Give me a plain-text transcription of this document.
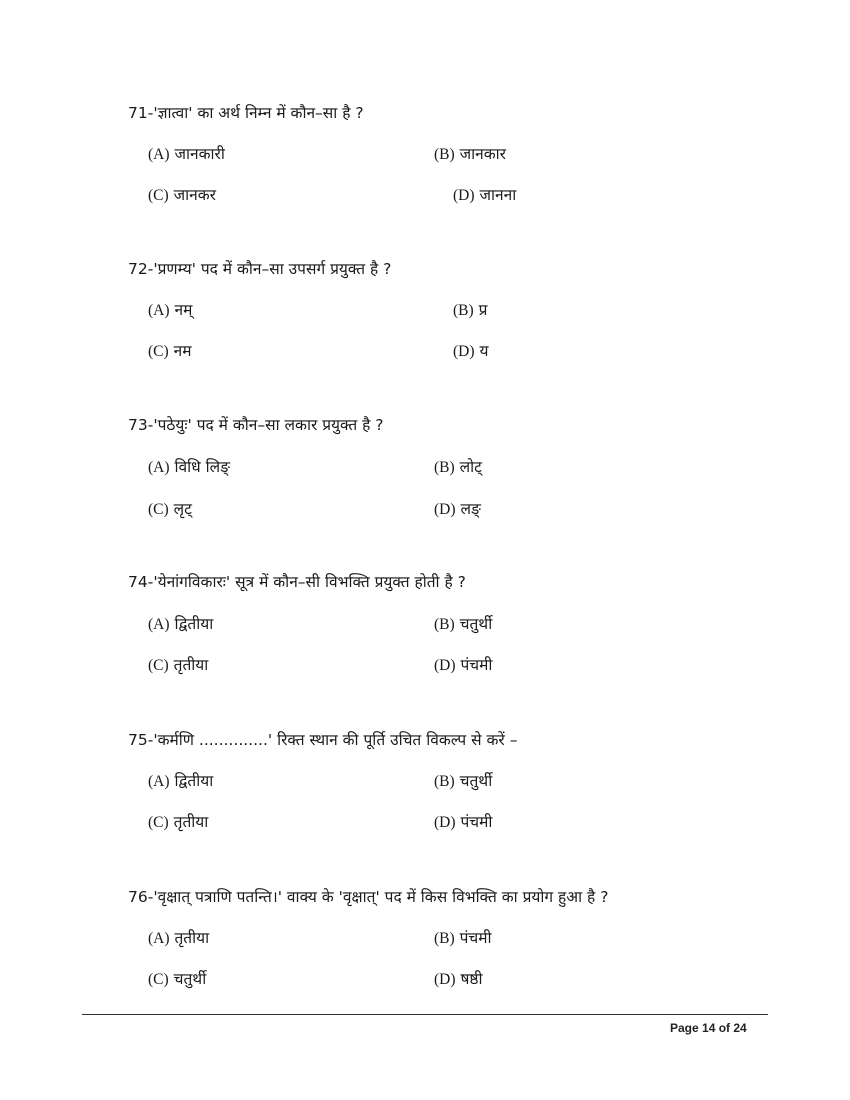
71-'ज्ञात्वा' का अर्थ निम्न में कौन–सा है ?
(A) जानकारी	(B) जानकार
(C) जानकर	(D) जानना
72-'प्रणम्य' पद में कौन–सा उपसर्ग प्रयुक्त है ?
(A) नम्	(B) प्र
(C) नम	(D) य
73-'पठेयुः' पद में कौन–सा लकार प्रयुक्त है ?
(A) विधि लिङ्	(B) लोट्
(C) लृट्	(D) लङ्
74-'येनांगविकारः' सूत्र में कौन–सी विभक्ति प्रयुक्त होती है ?
(A) द्वितीया	(B) चतुर्थी
(C) तृतीया	(D) पंचमी
75-'कर्मणि ..............' रिक्त स्थान की पूर्ति उचित विकल्प से करें –
(A) द्वितीया	(B) चतुर्थी
(C) तृतीया	(D) पंचमी
76-'वृक्षात् पत्राणि पतन्ति।' वाक्य के 'वृक्षात्' पद में किस विभक्ति का प्रयोग हुआ है ?
(A) तृतीया	(B) पंचमी
(C) चतुर्थी	(D) षष्ठी
Page 14 of 24
